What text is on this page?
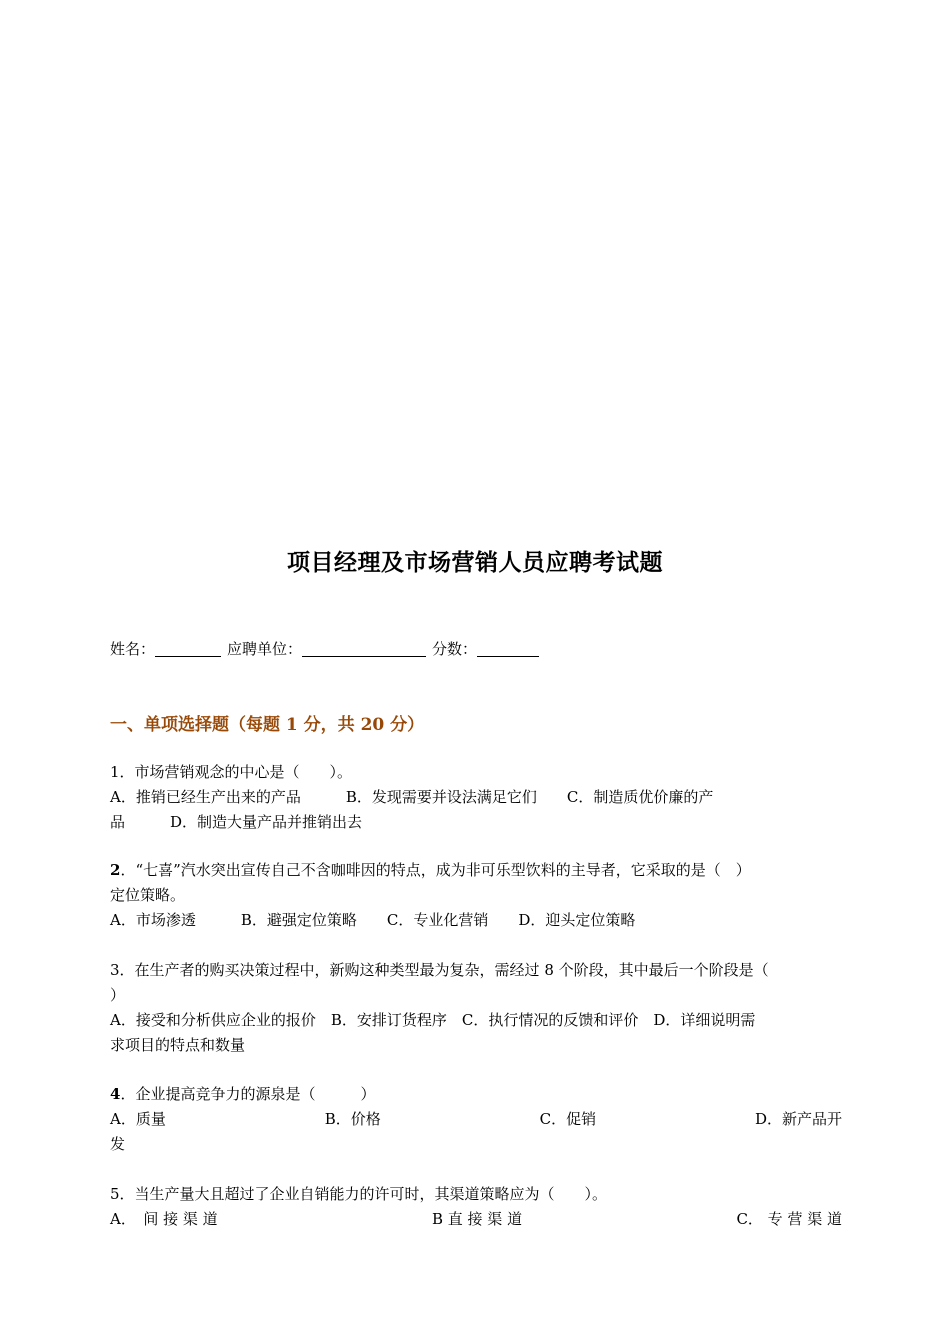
项目经理及市场营销人员应聘考试题
姓名：	应聘单位：	分数：
一、单项选择题（每题 1 分，共 20 分）
1．市场营销观念的中心是（　　）。
A．推销已经生产出来的产品　　　B．发现需要并设法满足它们　　C．制造质优价廉的产
品　　　D．制造大量产品并推销出去
2．“七喜”汽水突出宣传自己不含咖啡因的特点，成为非可乐型饮料的主导者，它采取的是（　）
定位策略。
A．市场渗透　　　B．避强定位策略　　C．专业化营销　　D．迎头定位策略
3．在生产者的购买决策过程中，新购这种类型最为复杂，需经过 8 个阶段，其中最后一个阶段是（
）
A．接受和分析供应企业的报价　B．安排订货程序　C．执行情况的反馈和评价　D．详细说明需
求项目的特点和数量
4．企业提高竞争力的源泉是（　　　）
A．质量	B．价格	C．促销	D．新产品开
发
5．当生产量大且超过了企业自销能力的许可时，其渠道策略应为（　　）。
A．　间 接 渠 道	B 直 接 渠 道	C． 专 营 渠 道
